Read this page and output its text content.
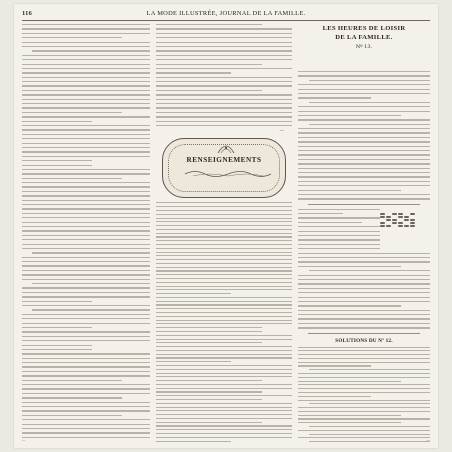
116	LA MODE ILLUSTRÉE, JOURNAL DE LA FAMILLE.
—
RENSEIGNEMENTS
LES HEURES DE LOISIR
DE LA FAMILLE.
Nº 13.
SOLUTIONS DU Nº 12.
—	—
